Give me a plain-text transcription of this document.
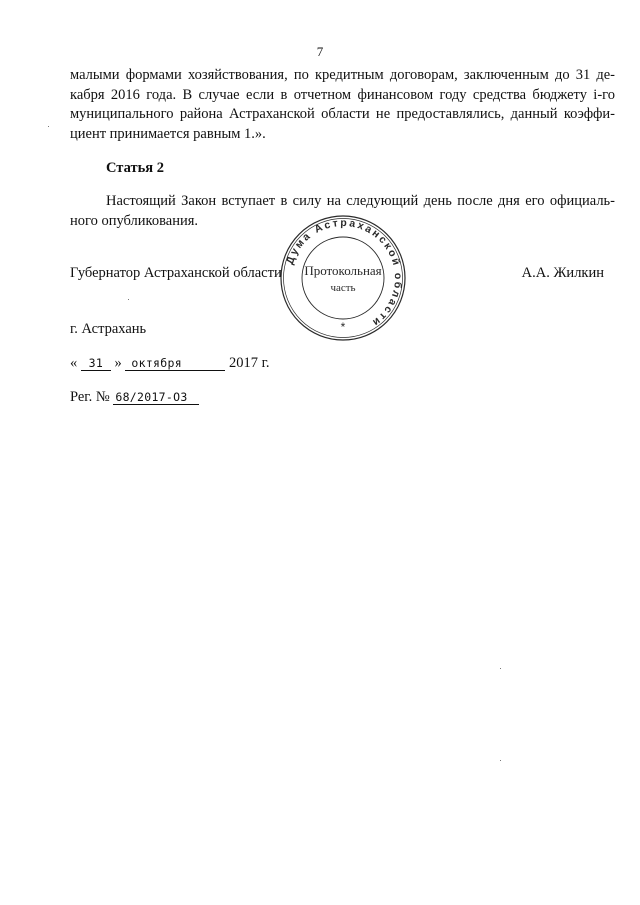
7
малыми формами хозяйствования, по кредитным договорам, заключенным до 31 де-
кабря 2016 года. В случае если в отчетном финансовом году средства бюджету i-го
муниципального района Астраханской области не предоставлялись, данный коэффи-
циент принимается равным 1.».
Статья 2
Настоящий Закон вступает в силу на следующий день после дня его официаль-
ного опубликования.
Губернатор Астраханской области	А.А. Жилкин
Дума Астраханской области
Протокольная
часть
*
г. Астрахань
« 31 » октября	2017 г.
Рег. № 68/2017-ОЗ
